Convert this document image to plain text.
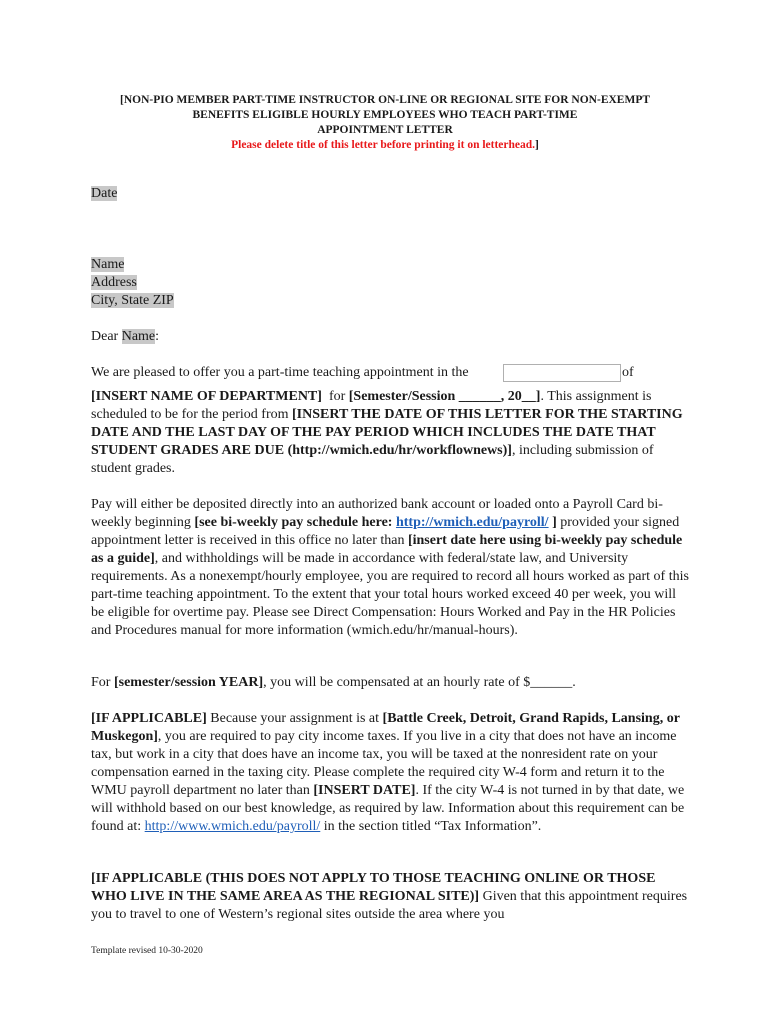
[NON-PIO MEMBER PART-TIME INSTRUCTOR ON-LINE OR REGIONAL SITE FOR NON-EXEMPT
BENEFITS ELIGIBLE HOURLY EMPLOYEES WHO TEACH PART-TIME
APPOINTMENT LETTER
Please delete title of this letter before printing it on letterhead.]
Date
Name
Address
City, State ZIP
Dear Name:
We are pleased to offer you a part-time teaching appointment in the	of
[INSERT NAME OF DEPARTMENT]  for [Semester/Session ______, 20__]. This assignment is scheduled to be for the period from [INSERT THE DATE OF THIS LETTER FOR THE STARTING DATE AND THE LAST DAY OF THE PAY PERIOD WHICH INCLUDES THE DATE THAT STUDENT GRADES ARE DUE (http://wmich.edu/hr/workflownews)], including submission of student grades.
Pay will either be deposited directly into an authorized bank account or loaded onto a Payroll Card bi-weekly beginning [see bi-weekly pay schedule here: http://wmich.edu/payroll/ ] provided your signed appointment letter is received in this office no later than [insert date here using bi-weekly pay schedule as a guide], and withholdings will be made in accordance with federal/state law, and University requirements. As a nonexempt/hourly employee, you are required to record all hours worked as part of this part-time teaching appointment. To the extent that your total hours worked exceed 40 per week, you will be eligible for overtime pay. Please see Direct Compensation: Hours Worked and Pay in the HR Policies and Procedures manual for more information (wmich.edu/hr/manual-hours).
For [semester/session YEAR], you will be compensated at an hourly rate of $______.
[IF APPLICABLE] Because your assignment is at [Battle Creek, Detroit, Grand Rapids, Lansing, or Muskegon], you are required to pay city income taxes. If you live in a city that does not have an income tax, but work in a city that does have an income tax, you will be taxed at the nonresident rate on your compensation earned in the taxing city. Please complete the required city W-4 form and return it to the WMU payroll department no later than [INSERT DATE]. If the city W-4 is not turned in by that date, we will withhold based on our best knowledge, as required by law. Information about this requirement can be found at: http://www.wmich.edu/payroll/ in the section titled “Tax Information”.
[IF APPLICABLE (THIS DOES NOT APPLY TO THOSE TEACHING ONLINE OR THOSE WHO LIVE IN THE SAME AREA AS THE REGIONAL SITE)] Given that this appointment requires you to travel to one of Western’s regional sites outside the area where you
Template revised 10-30-2020
